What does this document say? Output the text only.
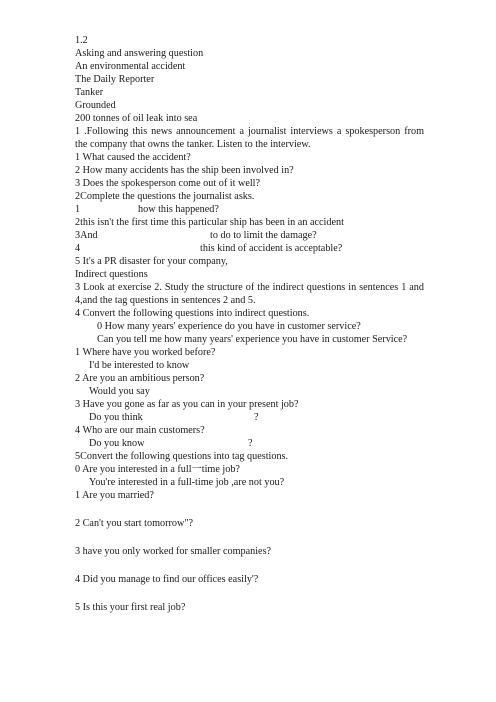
1.2
Asking and answering question
An environmental accident
The Daily Reporter
Tanker
Grounded
200 tonnes of oil leak into sea
1 .Following this news announcement a journalist interviews a spokesperson from the company that owns the tanker. Listen to the interview.
1 What caused the accident?
2 How many accidents has the ship been involved in?
3 Does the spokesperson come out of it well?
2Complete the questions the journalist asks.
1	how this happened?
2this isn't the first time this particular ship has been in an accident
3And	to do to limit the damage?
4	this kind of accident is acceptable?
5 It's a PR disaster for your company,
Indirect questions
3 Look at exercise 2. Study the structure of the indirect questions in sentences 1 and 4,and the tag questions in sentences 2 and 5.
4 Convert the following questions into indirect questions.
0 How many years' experience do you have in customer service?
Can you tell me how many years' experience you have in customer Service?
1 Where have you worked before?
I'd be interested to know
2 Are you an ambitious person?
Would you say
3 Have you gone as far as you can in your present job?
Do you think	?
4 Who are our main customers?
Do you know	?
5Convert the following questions into tag questions.
0 Are you interested in a full一time job?
You're interested in a full-time job ,are not you?
1 Are you married?
2 Can't you start tomorrow"?
3 have you only worked for smaller companies?
4 Did you manage to find our offices easily'?
5 Is this your first real job?
